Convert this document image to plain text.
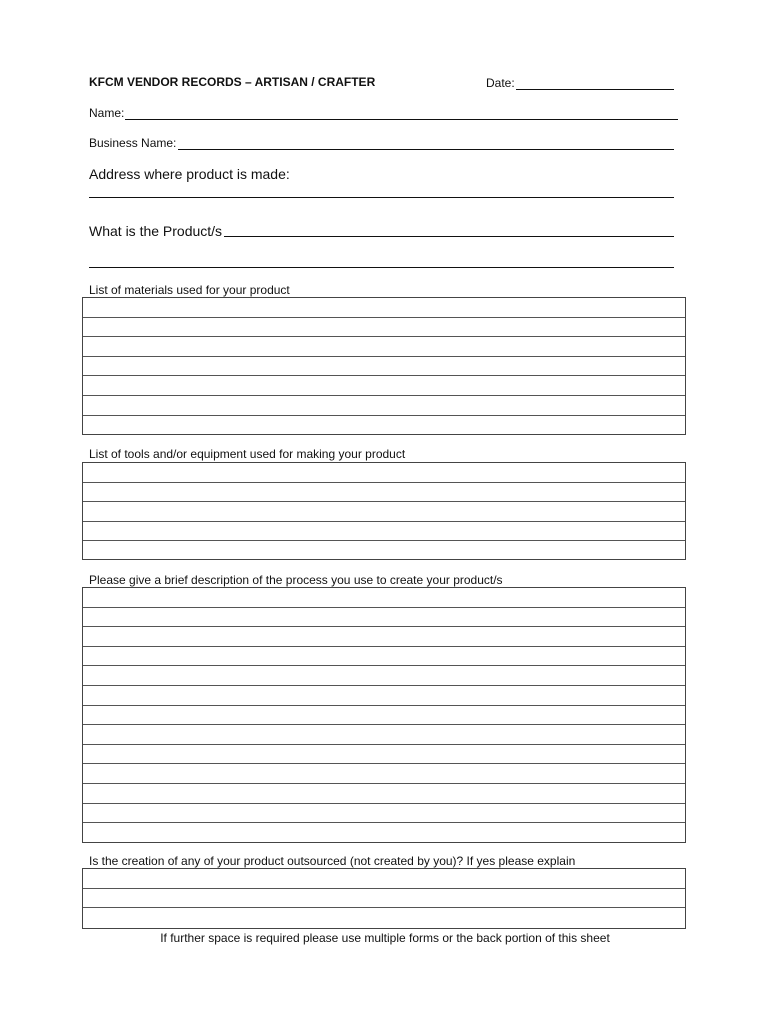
KFCM VENDOR RECORDS – ARTISAN / CRAFTER	Date:
Name:
Business Name:
Address where product is made:
What is the Product/s
List of materials used for your product
List of tools and/or equipment used for making your product
Please give a brief description of the process you use to create your product/s
Is the creation of any of your product outsourced (not created by you)? If yes please explain
If further space is required please use multiple forms or the back portion of this sheet
